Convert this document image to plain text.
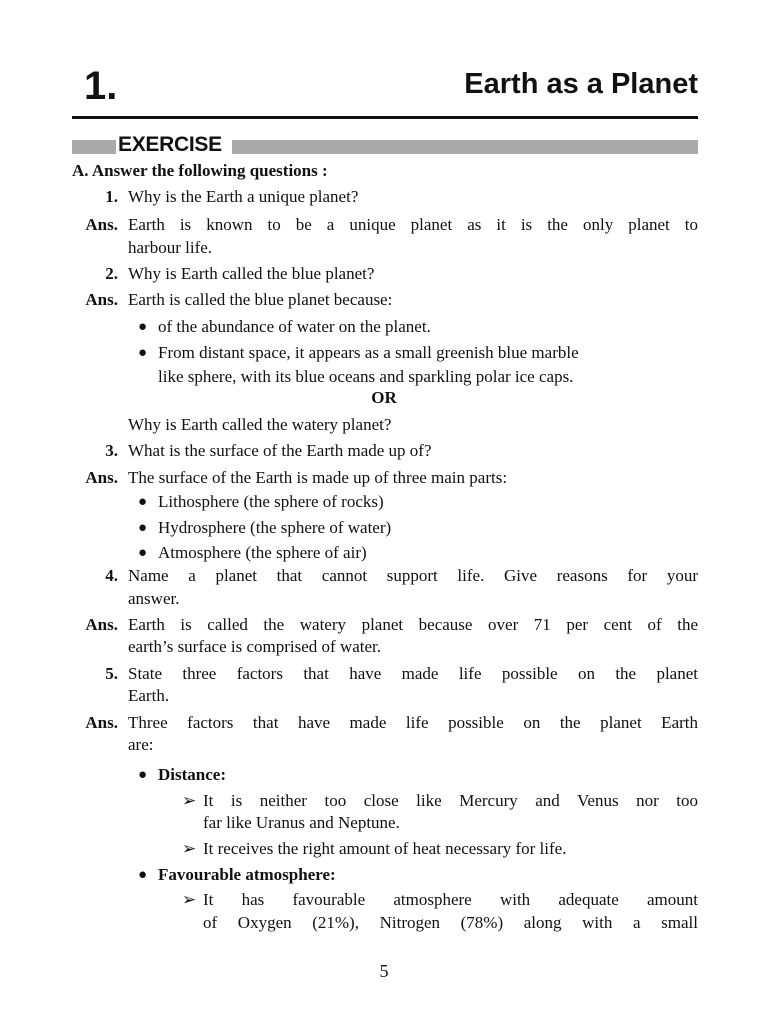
1.	Earth as a Planet
EXERCISE
A. Answer the following questions :
1. Why is the Earth a unique planet?
Ans. Earth is known to be a unique planet as it is the only planet to
harbour life.
2. Why is Earth called the blue planet?
Ans. Earth is called the blue planet because:
● of the abundance of water on the planet.
● From distant space, it appears as a small greenish blue marble
like sphere, with its blue oceans and sparkling polar ice caps.
OR
Why is Earth called the watery planet?
3. What is the surface of the Earth made up of?
Ans. The surface of the Earth is made up of three main parts:
● Lithosphere (the sphere of rocks)
● Hydrosphere (the sphere of water)
● Atmosphere (the sphere of air)
4. Name a planet that cannot support life. Give reasons for your
answer.
Ans. Earth is called the watery planet because over 71 per cent of the
earth’s surface is comprised of water.
5. State three factors that have made life possible on the planet
Earth.
Ans. Three factors that have made life possible on the planet Earth
are:
● Distance:
➢ It is neither too close like Mercury and Venus nor too
far like Uranus and Neptune.
➢ It receives the right amount of heat necessary for life.
● Favourable atmosphere:
➢ It has favourable atmosphere with adequate amount
of Oxygen (21%), Nitrogen (78%) along with a small
5
